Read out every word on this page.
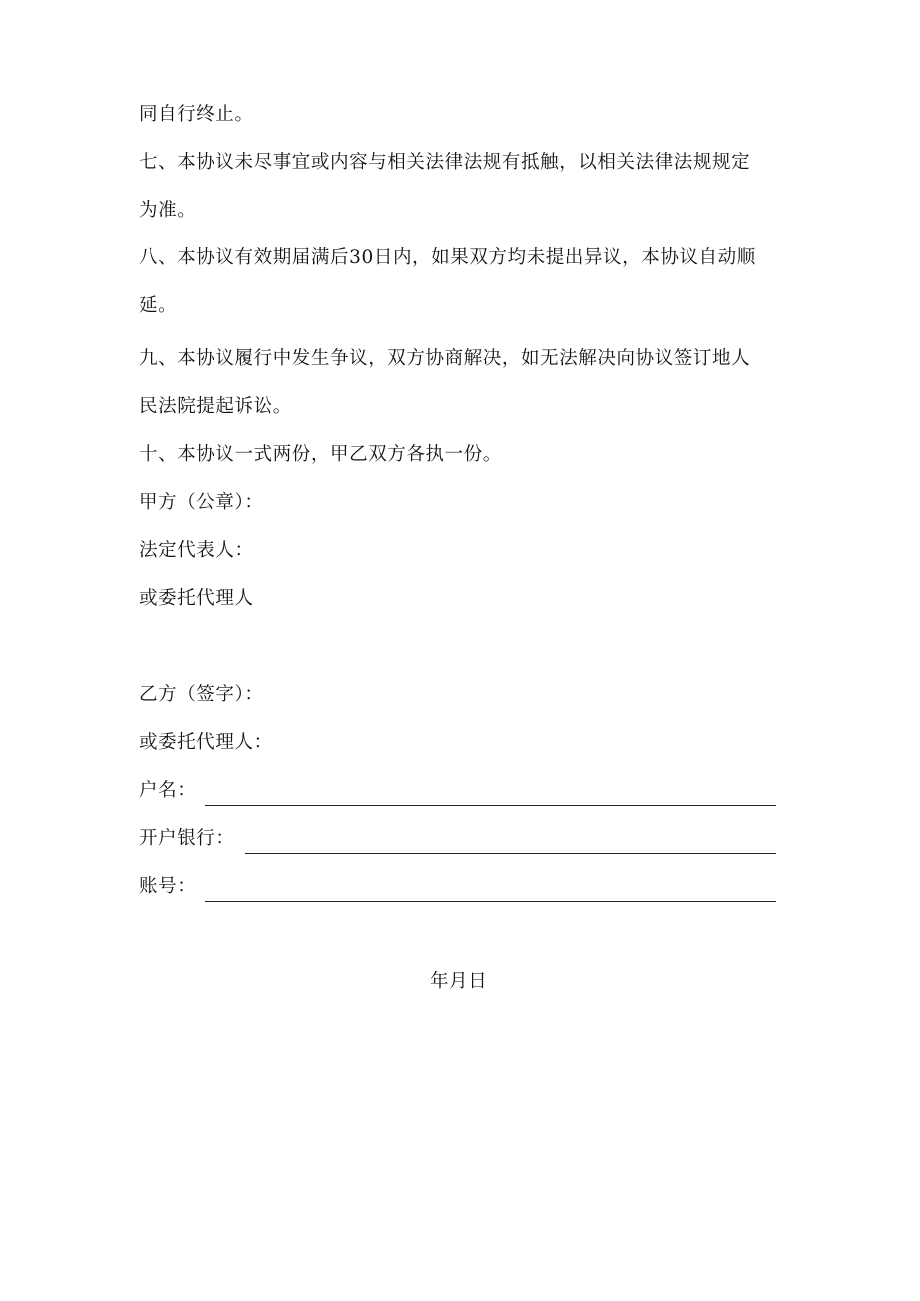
同自行终止。
七、本协议未尽事宜或内容与相关法律法规有抵触，以相关法律法规规定
为准。
八、本协议有效期届满后30日内，如果双方均未提出异议，本协议自动顺
延。
九、本协议履行中发生争议，双方协商解决，如无法解决向协议签订地人
民法院提起诉讼。
十、本协议一式两份，甲乙双方各执一份。
甲方（公章）：
法定代表人：
或委托代理人
乙方（签字）：
或委托代理人：
户名：
开户银行：
账号：
年月日
